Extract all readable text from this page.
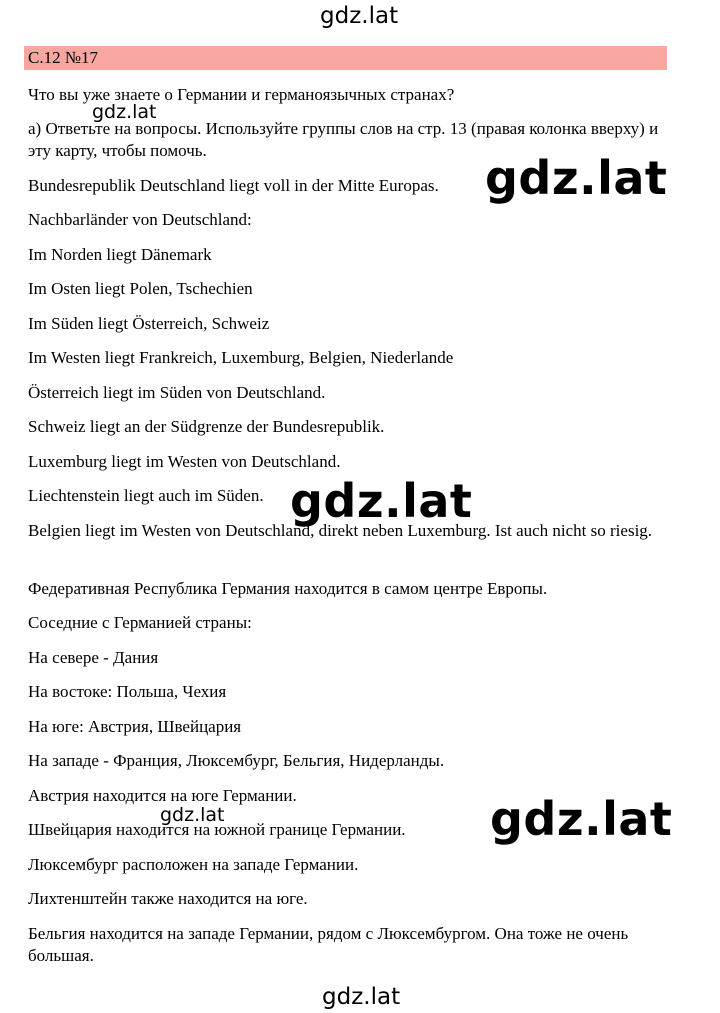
С.12 №17
Что вы уже знаете о Германии и германоязычных странах?
а) Ответьте на вопросы. Используйте группы слов на стр. 13 (правая колонка вверху) и эту карту, чтобы помочь.
Bundesrepublik Deutschland liegt voll in der Mitte Europas.
Nachbarländer von Deutschland:
Im Norden liegt Dänemark
Im Osten liegt Polen, Tschechien
Im Süden liegt Österreich, Schweiz
Im Westen liegt Frankreich, Luxemburg, Belgien, Niederlande
Österreich liegt im Süden von Deutschland.
Schweiz liegt an der Südgrenze der Bundesrepublik.
Luxemburg liegt im Westen von Deutschland.
Liechtenstein liegt auch im Süden.
Belgien liegt im Westen von Deutschland, direkt neben Luxemburg. Ist auch nicht so riesig.
Федеративная Республика Германия находится в самом центре Европы.
Соседние с Германией страны:
На севере - Дания
На востоке: Польша, Чехия
На юге: Австрия, Швейцария
На западе - Франция, Люксембург, Бельгия, Нидерланды.
Австрия находится на юге Германии.
Швейцария находится на южной границе Германии.
Люксембург расположен на западе Германии.
Лихтенштейн также находится на юге.
Бельгия находится на западе Германии, рядом с Люксембургом. Она тоже не очень большая.
gdz.lat
gdz.lat
gdz.lat
gdz.lat
gdz.lat	gdz.lat
gdz.lat
